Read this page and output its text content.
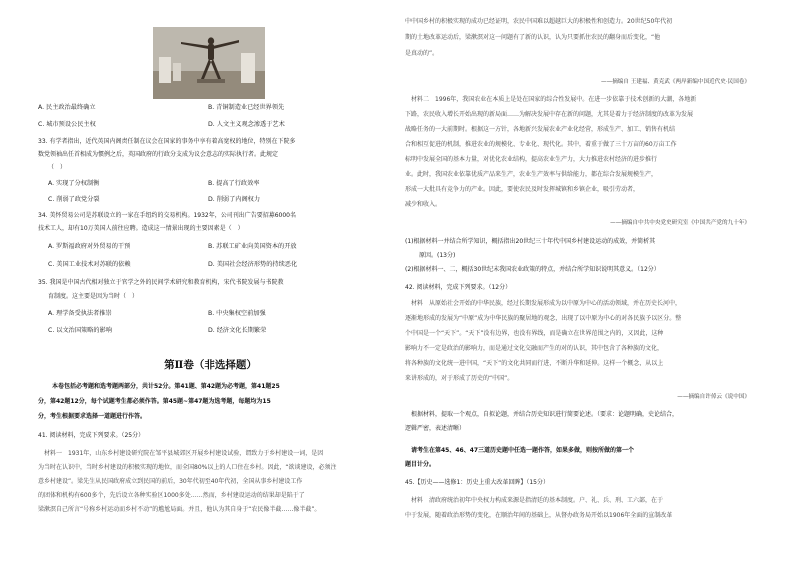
A. 民主政治最终确立	B. 青铜制造业已经世界领先
C. 城市预设公民主权	D. 人文主义观念渗透于艺术
33. 有学者指出，近代英国内阁责任制在议会在国家的事务中享有着高宽权的地位，特别在下院多
数党领袖出任首相成为惯例之后，英国政府的行政分支成为议会意志的实际执行者。此规定
（　）
A. 实现了分权制衡	B. 提高了行政效率
C. 削弱了政党分裂	D. 削弱了内阁权力
34. 美怀贸易公司是苏联设立的一家在手纽约的交易机构。1932年，公司刊出广告要招募6000名
技术工人，却有10万美国人前往应聘。造成这一情景出现的主要因素是（　）
A. 罗斯福政府对外贸易的干预	B. 苏联工矿业向美国资本的开放
C. 美国工业技术对苏联的依赖	D. 美国社会经济形势的持续恶化
35. 我国是中国古代相对独立于官学之外的民间学术研究和教育机构，宋代书院发展与书院教
育制度。这主要是因为当时（　）
A. 理学备受执法者推崇	B. 中央集权空前加强
C. 以文治国策略的影响	D. 经济文化长期繁荣
第Ⅱ卷（非选择题）
本卷包括必考题和选考题两部分，共计52分。第41题、第42题为必考题，第41题25
分，第42题12分，每个试题考生都必须作答。第45题~第47题为选考题，每题均为15
分，考生根据要求选择一道题进行作答。
41. 阅读材料，完成下列要求。（25分）
材料一　1931年，山东乡村建设研究院在邹平县城郊区开展乡村建设试验，谓致力于乡村建设一词，是因
为当时在认识中，当时乡村建设的积极实现的地位，而全国80%以上的人口住在乡村。因此，“欲谈建设，必须注
意乡村建设”。梁先生从民国政府成立到民国的前后，30年代初至40年代初，全国从事乡村建设工作
的团体和机构有600多个，先后设立各种实验区1000多处……然而，乡村建设运动的结果却是陷于了
梁漱溟自己所言“号称乡村运动而乡村不动”的尴尬局面。并且，他认为其自身于“农民像半截……像半截”。
中中国乡村的积极实现的成功已经证明，农民中国难以超越巨大的积极性和创造力。20世纪50年代初
期的土地改革运动后，梁漱溟对这一问题有了新的认识，认为只要抓住农民的翻身而后变化，“他
是真动的”。
——摘编自 王建福、黄克武《两岸新编中国近代史·民国卷》
材料二　1996年，我国农业在本质上是处在国家的综合性发展中。在进一步依靠于技术创新的大潮，各地新
下路，农民收入增长开始出现的新局面……为解决发展中存在新的问题，尤其是着力于经济制度的改革为发展
战略任务的一大前期时。根据这一方针，各地新兴发展农业产业化经营，形成生产、加工、销售有机结
合和相互促进的机制，推进农业的规模化、专业化、现代化。其中，着重于做了三十万亩的60万亩工作
标明中发展全国的基本力量，对优化农业结构，提高农业生产力，大力推进农村经济的进步推行
业。此时，我国农业依靠优质产品来生产，农业生产效率与供给能力，都在综合发展规模生产，
形成一大批具有竞争力的产业。因此，要使农民及时发挥城镇和乡镇企业，吸引劳动者，
减少和收入。
——摘编自中共中央党史研究室《中国共产党的九十年》
(1)根据材料一并结合所学知识，概括指出20世纪三十年代中国乡村建设运动的成效，并简析其
原因。(13分)
(2)根据材料一、二，概括30世纪末我国农业政策的特点，并结合所学知识说明其意义。（12分）
42. 阅读材料，完成下列要求。（12分）
材料　从原始社会开始的中华民族，经过长期发展形成为以中原为中心的活动领域，并在历史长河中，
逐渐地形成的发展为“中原”成为中华民族的聚居地的观念，出现了以中原为中心的对各民族予以区分。整
个中国是一个“天下”。“天下”没有边界，也没有界线，而是确立在世界范围之内的，又因此，这种
影响力不一定是政治的影响力，而是通过文化交融而产生的对的认识，其中包含了各种族的文化，
将各种族的文化统一进中国，“天下”的文化共同而行进，不断升华和延伸。这样一个概念，从以上
来讲形成的，对于形成了历史的“中国”。
——摘编自许倬云《说中国》
根据材料，提取一个观点，自拟论题，并结合历史知识进行简要论述。（要求：论题明确，史论结合，
逻辑严密，表述清晰）
请考生在第45、46、47三道历史题中任选一题作答，如果多做，则按所做的第一个
题目计分。
45.【历史——选修1：历史上重大改革回眸】（15分）
材料　清政府统治初年中央权力构成来源是指清廷的基本制度。户、礼、兵、刑、工六部，在于
中于发展，随着政治形势的变化，在顺治年间的基础上，从督办政务局开始以1906年全面的宣制改革
